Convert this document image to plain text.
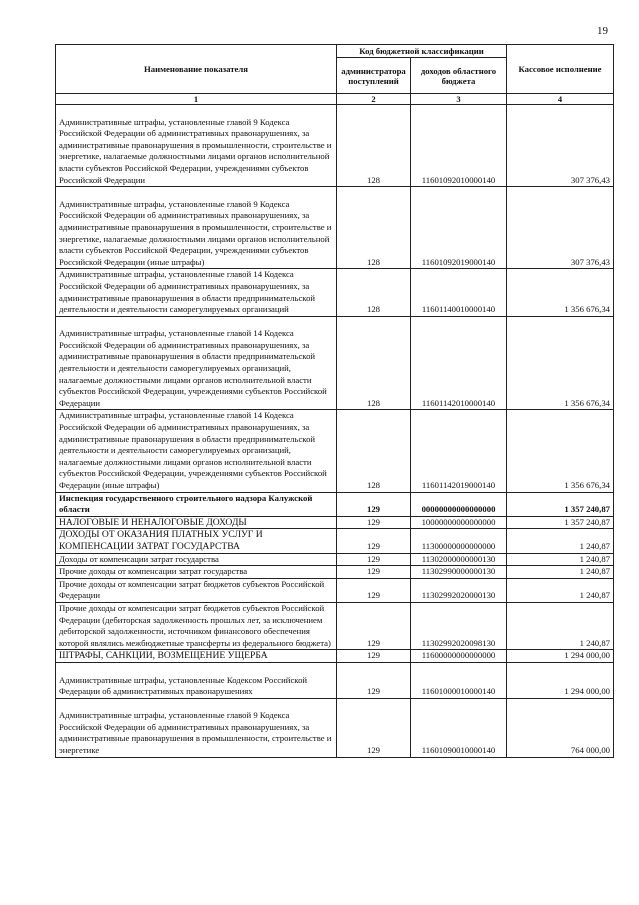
19
Наименование показателя	Код бюджетной классификации		Кассовое исполнение
	администратора поступлений	доходов областного бюджета	
1	2	3	4

Административные штрафы, установленные главой 9 Кодекса Российской Федерации об административных правонарушениях, за административные правонарушения в промышленности, строительстве и энергетике, налагаемые должностными лицами органов исполнительной власти субъектов Российской Федерации, учреждениями субъектов Российской Федерации	128	11601092010000140	307 376,43

Административные штрафы, установленные главой 9 Кодекса Российской Федерации об административных правонарушениях, за административные правонарушения в промышленности, строительстве и энергетике, налагаемые должностными лицами органов исполнительной власти субъектов Российской Федерации, учреждениями субъектов Российской Федерации (иные штрафы)	128	11601092019000140	307 376,43
Административные штрафы, установленные главой 14 Кодекса Российской Федерации об административных правонарушениях, за административные правонарушения в области предпринимательской деятельности и деятельности саморегулируемых организаций	128	11601140010000140	1 356 676,34

Административные штрафы, установленные главой 14 Кодекса Российской Федерации об административных правонарушениях, за административные правонарушения в области предпринимательской деятельности и деятельности саморегулируемых организаций, налагаемые должностными лицами органов исполнительной власти субъектов Российской Федерации, учреждениями субъектов Российской Федерации	128	11601142010000140	1 356 676,34
Административные штрафы, установленные главой 14 Кодекса Российской Федерации об административных правонарушениях, за административные правонарушения в области предпринимательской деятельности и деятельности саморегулируемых организаций, налагаемые должностными лицами органов исполнительной власти субъектов Российской Федерации, учреждениями субъектов Российской Федерации (иные штрафы)	128	11601142019000140	1 356 676,34
Инспекция государственного строительного надзора Калужской области	129	00000000000000000	1 357 240,87
НАЛОГОВЫЕ И НЕНАЛОГОВЫЕ ДОХОДЫ	129	10000000000000000	1 357 240,87
ДОХОДЫ ОТ ОКАЗАНИЯ ПЛАТНЫХ УСЛУГ И КОМПЕНСАЦИИ ЗАТРАТ ГОСУДАРСТВА	129	11300000000000000	1 240,87
Доходы от компенсации затрат государства	129	11302000000000130	1 240,87
Прочие доходы от компенсации затрат государства	129	11302990000000130	1 240,87
Прочие доходы от компенсации затрат бюджетов субъектов Российской Федерации	129	11302992020000130	1 240,87
Прочие доходы от компенсации затрат бюджетов субъектов Российской Федерации (дебиторская задолженность прошлых лет, за исключением дебиторской задолженности, источником финансового обеспечения которой являлись межбюджетные трансферты из федерального бюджета)	129	11302992020098130	1 240,87
ШТРАФЫ, САНКЦИИ, ВОЗМЕЩЕНИЕ УЩЕРБА	129	11600000000000000	1 294 000,00

Административные штрафы, установленные Кодексом Российской Федерации об административных правонарушениях	129	11601000010000140	1 294 000,00

Административные штрафы, установленные главой 9 Кодекса Российской Федерации об административных правонарушениях, за административные правонарушения в промышленности, строительстве и энергетике	129	11601090010000140	764 000,00
